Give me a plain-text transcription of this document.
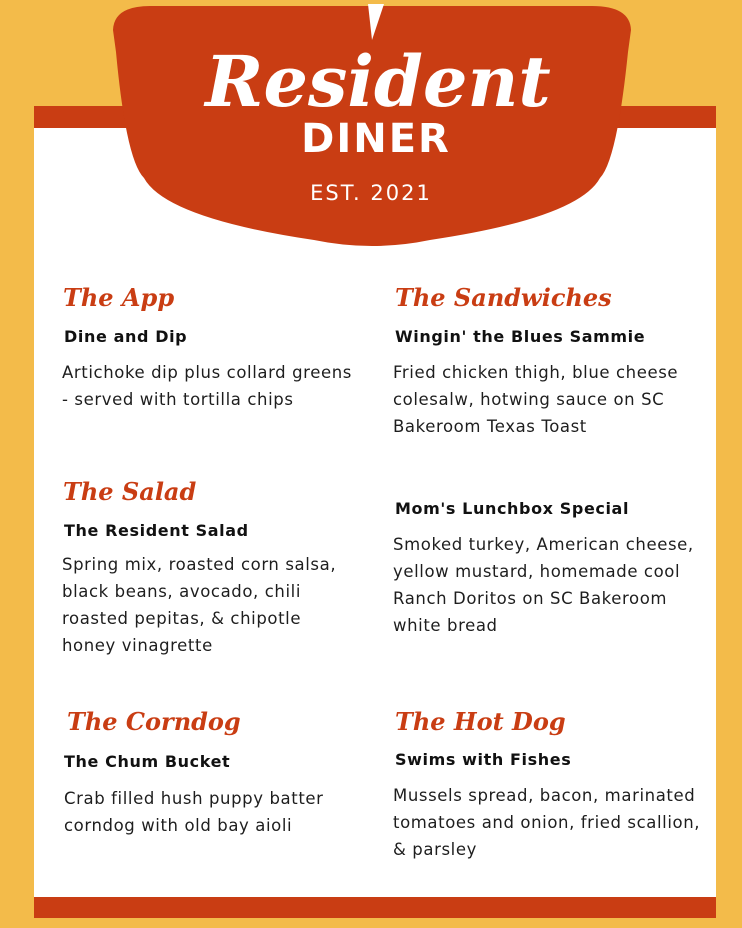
Resident
DINER
EST. 2021
The App
Dine and Dip
Artichoke dip plus collard greens - served with tortilla chips
The Salad
The Resident Salad
Spring mix, roasted corn salsa, black beans, avocado, chili roasted pepitas, & chipotle honey vinagrette
The Corndog
The Chum Bucket
Crab filled hush puppy batter corndog with old bay aioli
The Sandwiches
Wingin' the Blues Sammie
Fried chicken thigh, blue cheese colesalw, hotwing sauce on SC Bakeroom Texas Toast
Mom's Lunchbox Special
Smoked turkey, American cheese, yellow mustard, homemade cool Ranch Doritos on SC Bakeroom white bread
The Hot Dog
Swims with Fishes
Mussels spread, bacon, marinated tomatoes and onion, fried scallion, & parsley
